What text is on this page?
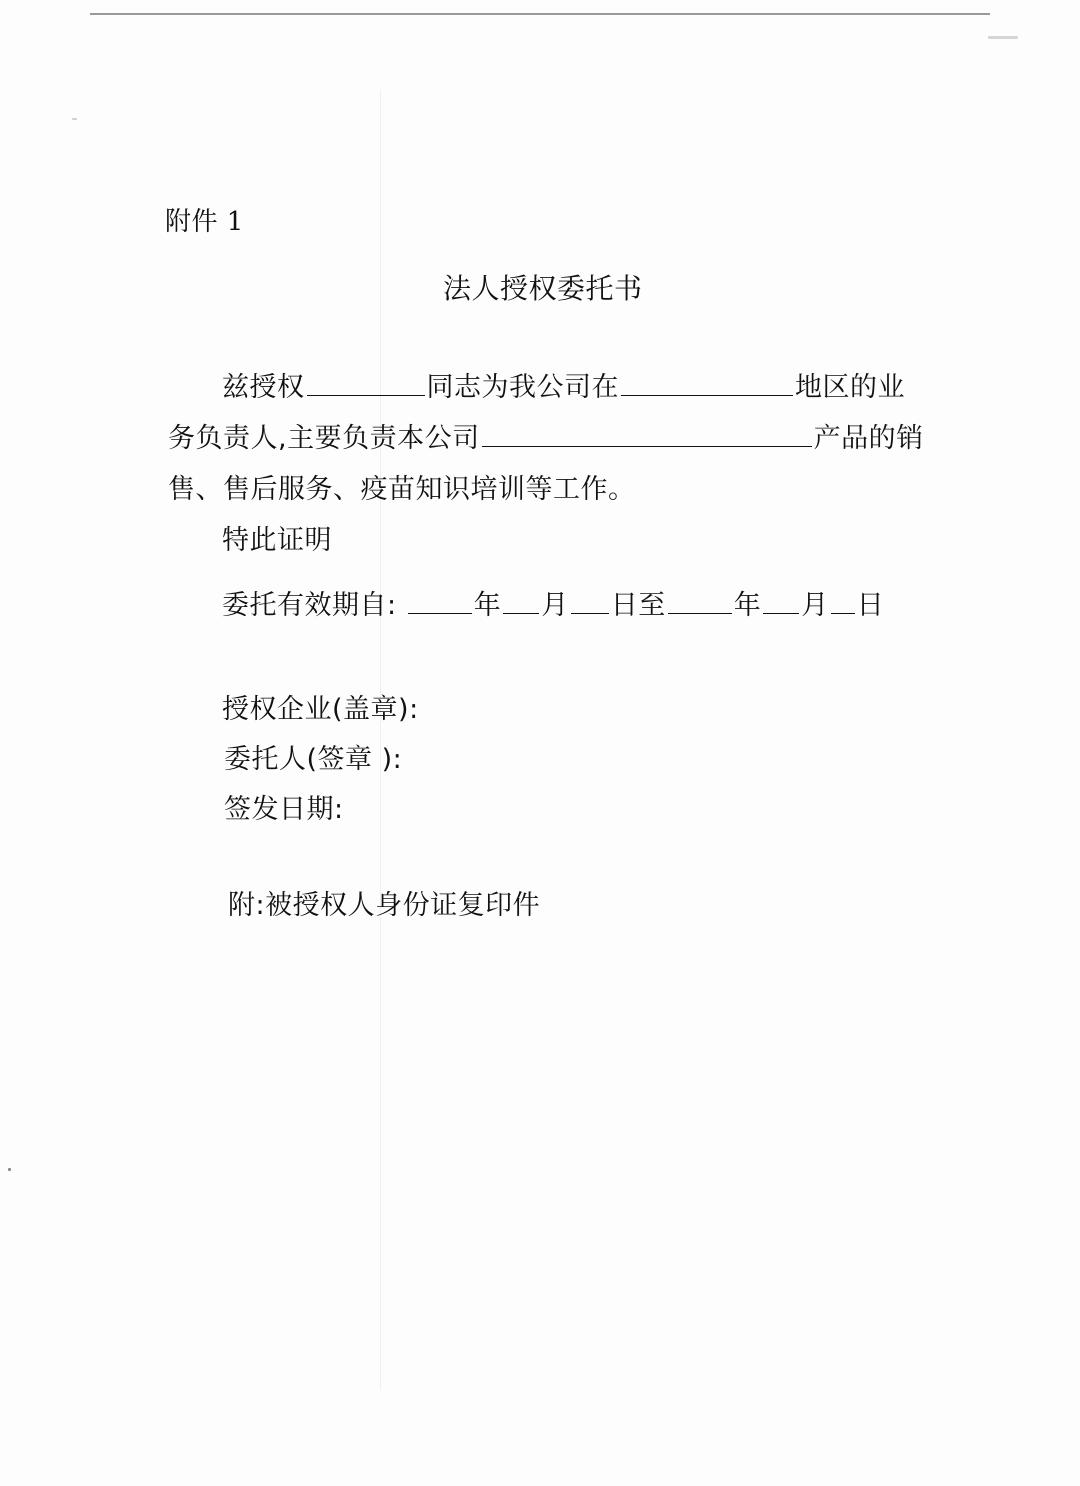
附件 1
法人授权委托书
兹授权	同志为我公司在	地区的业
务负责人,主要负责本公司	产品的销
售、售后服务、疫苗知识培训等工作。
特此证明
委托有效期自:	年 月 日至	年 月 日
授权企业(盖章):
委托人(签章 ):
签发日期:
附:被授权人身份证复印件
